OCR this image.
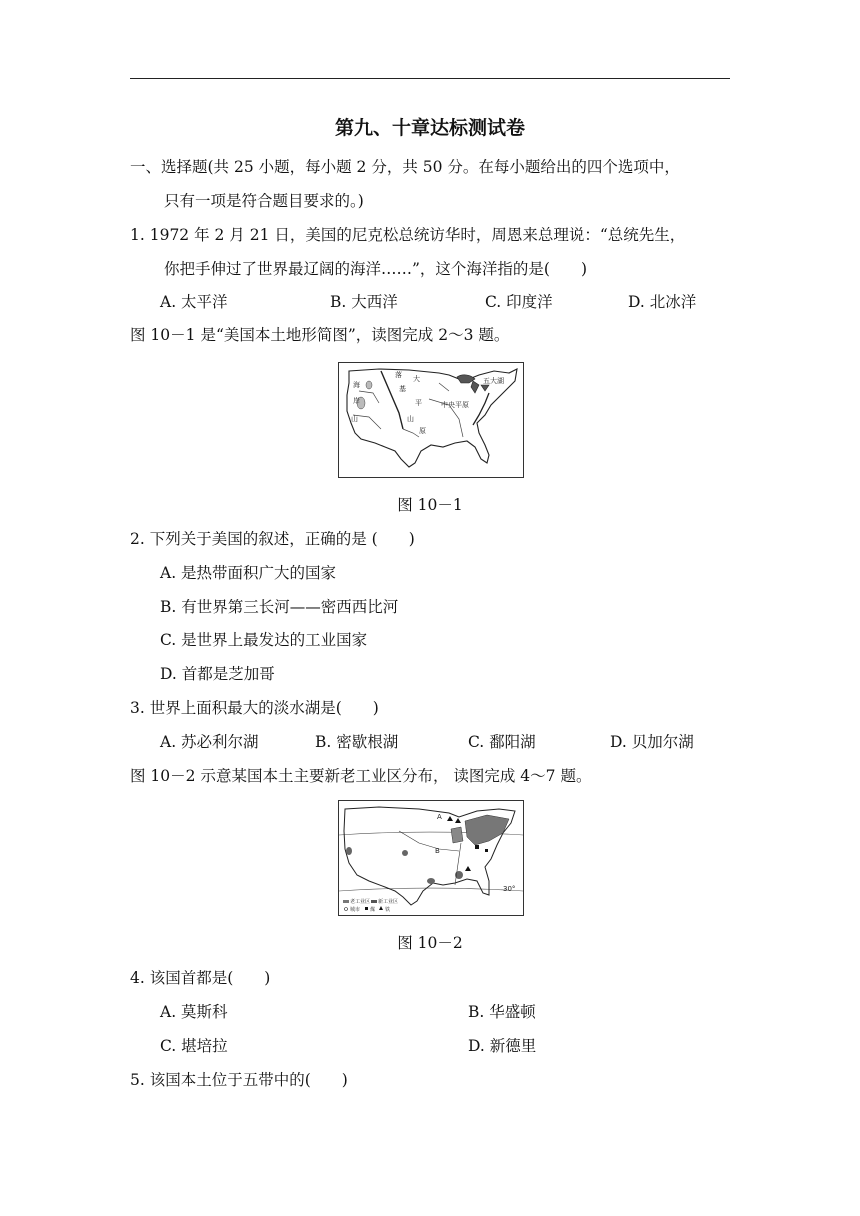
第九、十章达标测试卷
一、选择题(共 25 小题，每小题 2 分，共 50 分。在每小题给出的四个选项中，
只有一项是符合题目要求的。)
1. 1972 年 2 月 21 日，美国的尼克松总统访华时，周恩来总理说：“总统先生，
你把手伸过了世界最辽阔的海洋……”，这个海洋指的是(　　)
A. 太平洋	B. 大西洋	C. 印度洋	D. 北冰洋
图 10－1 是“美国本土地形简图”，读图完成 2～3 题。
海
岸
山
落 大
基
平
山
原
中央平原
五大湖
图 10－1
2. 下列关于美国的叙述，正确的是 (　　)
A. 是热带面积广大的国家
B. 有世界第三长河——密西西比河
C. 是世界上最发达的工业国家
D. 首都是芝加哥
3. 世界上面积最大的淡水湖是(　　)
A. 苏必利尔湖	B. 密歇根湖	C. 鄱阳湖	D. 贝加尔湖
图 10－2 示意某国本土主要新老工业区分布， 读图完成 4～7 题。
A
B
30°
老工业区 新工业区
城市 煤 铁
图 10－2
4. 该国首都是(　　)
A. 莫斯科	B. 华盛顿
C. 堪培拉	D. 新德里
5. 该国本土位于五带中的(　　)
